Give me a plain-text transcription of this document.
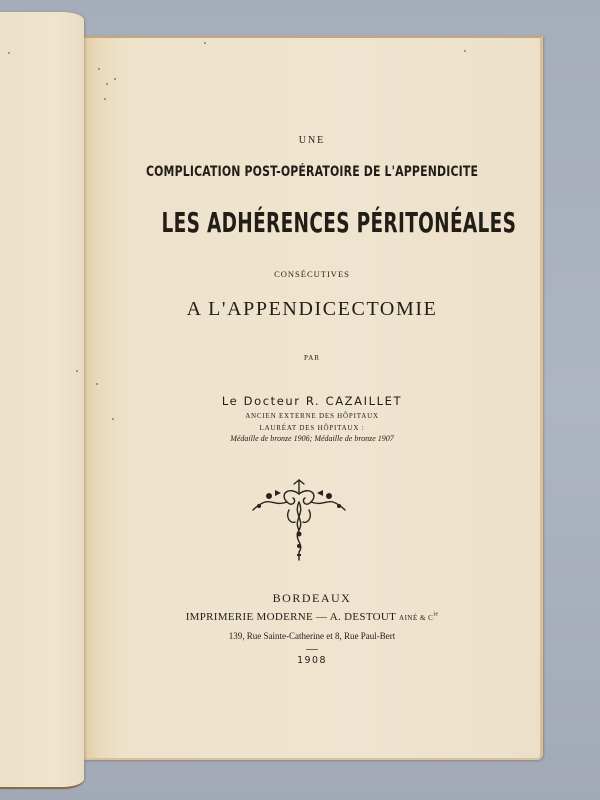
UNE
COMPLICATION POST-OPÉRATOIRE DE L'APPENDICITE
LES ADHÉRENCES PÉRITONÉALES
CONSÉCUTIVES
A L'APPENDICECTOMIE
PAR
Le Docteur R. CAZAILLET
ANCIEN EXTERNE DES HÔPITAUX
LAURÉAT DES HÔPITAUX :
Médaille de bronze 1906; Médaille de bronze 1907
BORDEAUX
IMPRIMERIE MODERNE — A. DESTOUT AINÉ & $C^{ie}$
139, Rue Sainte-Catherine et 8, Rue Paul-Bert
1908
